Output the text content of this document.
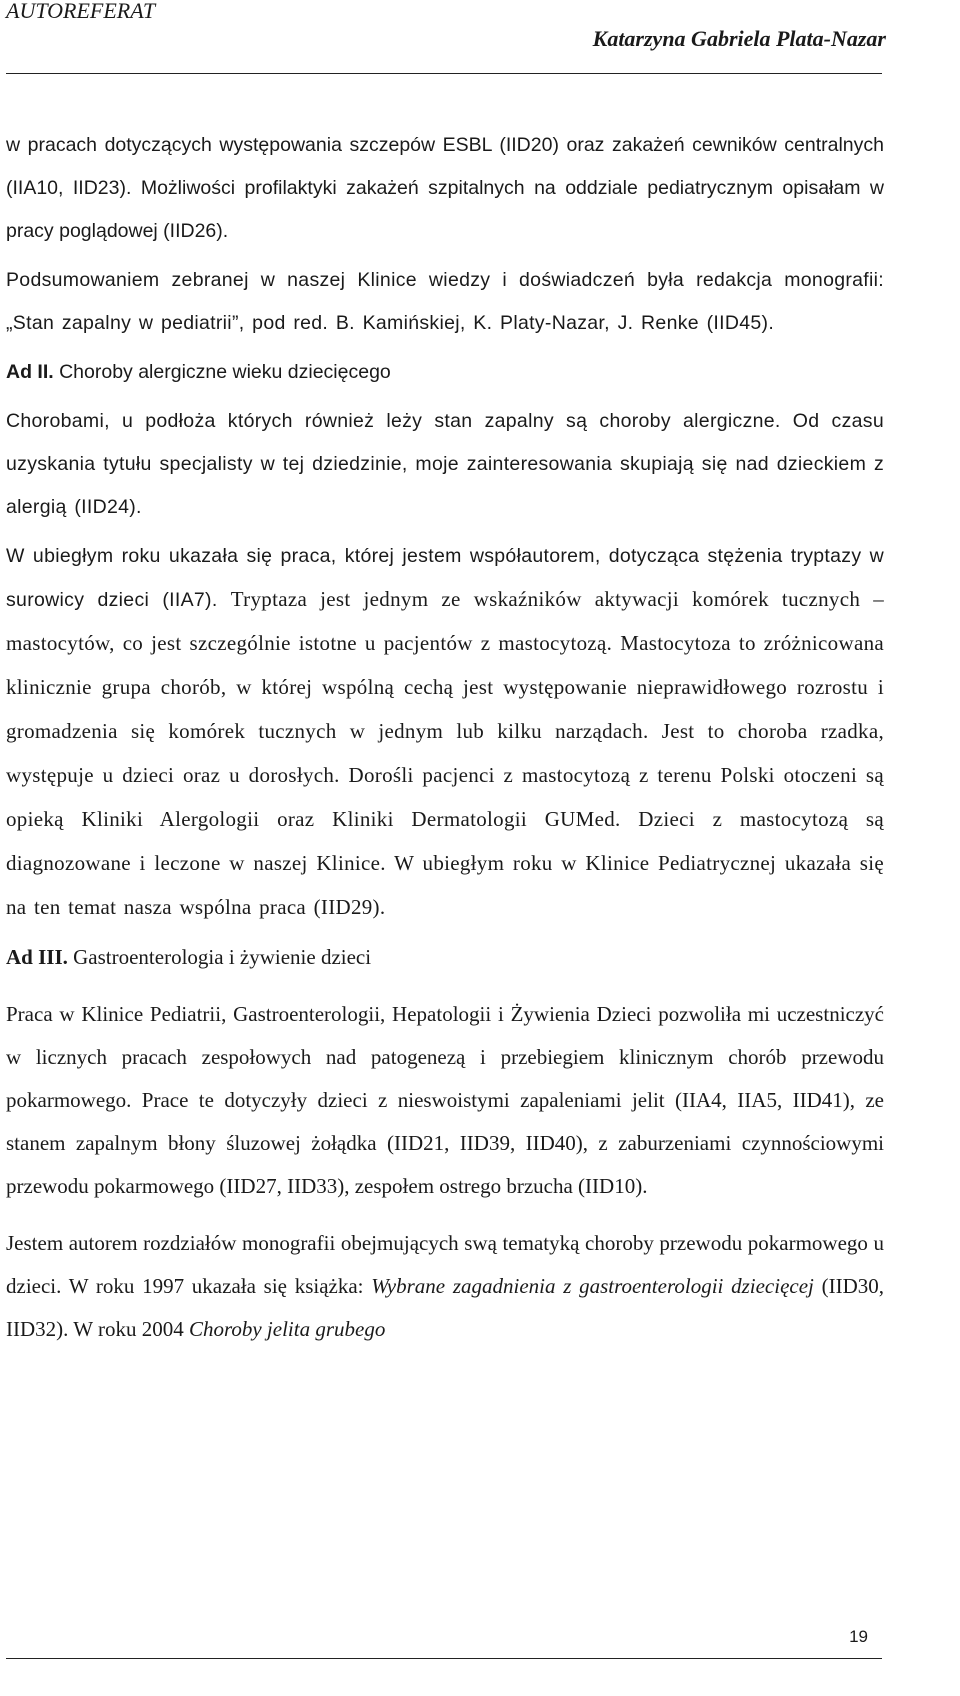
AUTOREFERAT
Katarzyna Gabriela Plata-Nazar

w pracach dotyczących występowania szczepów ESBL (IID20) oraz zakażeń cewników centralnych (IIA10, IID23). Możliwości profilaktyki zakażeń szpitalnych na oddziale pediatrycznym opisałam w pracy poglądowej (IID26).

Podsumowaniem zebranej w naszej Klinice wiedzy i doświadczeń była redakcja monografii: „Stan zapalny w pediatrii”, pod red. B. Kamińskiej, K. Platy-Nazar, J. Renke (IID45).

Ad II. Choroby alergiczne wieku dziecięcego

Chorobami, u podłoża których również leży stan zapalny są choroby alergiczne. Od czasu uzyskania tytułu specjalisty w tej dziedzinie, moje zainteresowania skupiają się nad dzieckiem z alergią (IID24).

W ubiegłym roku ukazała się praca, której jestem współautorem, dotycząca stężenia tryptazy w surowicy dzieci (IIA7). Tryptaza jest jednym ze wskaźników aktywacji komórek tucznych – mastocytów, co jest szczególnie istotne u pacjentów z mastocytozą. Mastocytoza to zróżnicowana klinicznie grupa chorób, w której wspólną cechą jest występowanie nieprawidłowego rozrostu i gromadzenia się komórek tucznych w jednym lub kilku narządach. Jest to choroba rzadka, występuje u dzieci oraz u dorosłych. Dorośli pacjenci z mastocytozą z terenu Polski otoczeni są opieką Kliniki Alergologii oraz Kliniki Dermatologii GUMed. Dzieci z mastocytozą są diagnozowane i leczone w naszej Klinice. W ubiegłym roku w Klinice Pediatrycznej ukazała się na ten temat nasza wspólna praca (IID29).

Ad III. Gastroenterologia i żywienie dzieci

Praca w Klinice Pediatrii, Gastroenterologii, Hepatologii i Żywienia Dzieci pozwoliła mi uczestniczyć w licznych pracach zespołowych nad patogenezą i przebiegiem klinicznym chorób przewodu pokarmowego. Prace te dotyczyły dzieci z nieswoistymi zapaleniami jelit (IIA4, IIA5, IID41), ze stanem zapalnym błony śluzowej żołądka (IID21, IID39, IID40), z zaburzeniami czynnościowymi przewodu pokarmowego (IID27, IID33), zespołem ostrego brzucha (IID10).

Jestem autorem rozdziałów monografii obejmujących swą tematyką choroby przewodu pokarmowego u dzieci. W roku 1997 ukazała się książka: Wybrane zagadnienia z gastroenterologii dziecięcej (IID30, IID32). W roku 2004 Choroby jelita grubego

19
